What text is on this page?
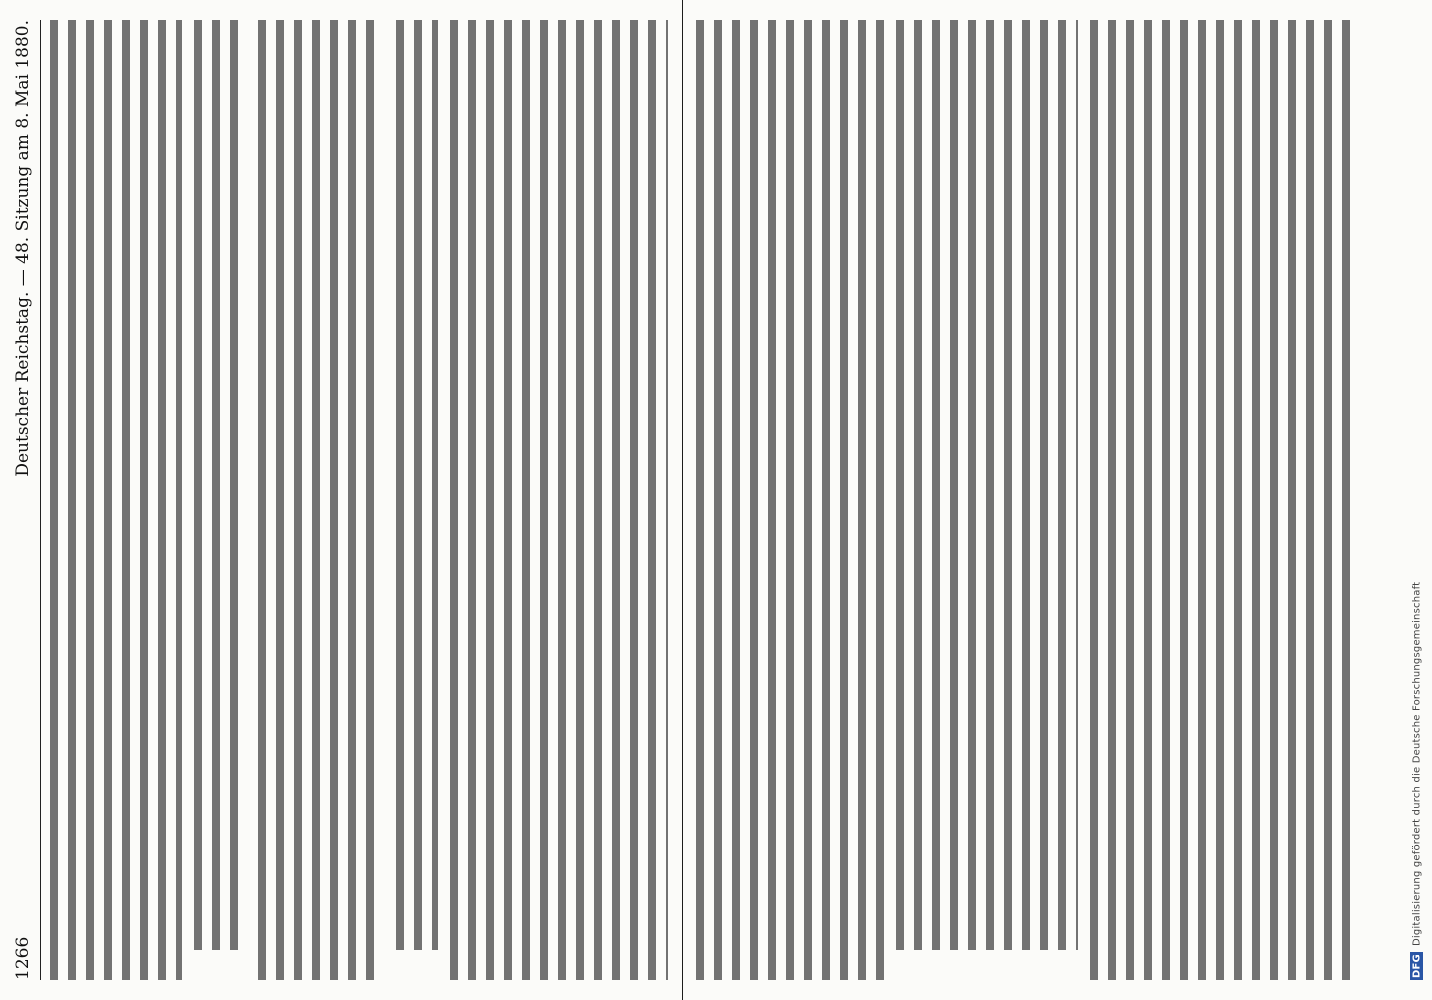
1266
Deutscher Reichstag. — 48. Sitzung am 8. Mai 1880.
DFG
Digitalisierung gefördert durch die Deutsche Forschungsgemeinschaft
